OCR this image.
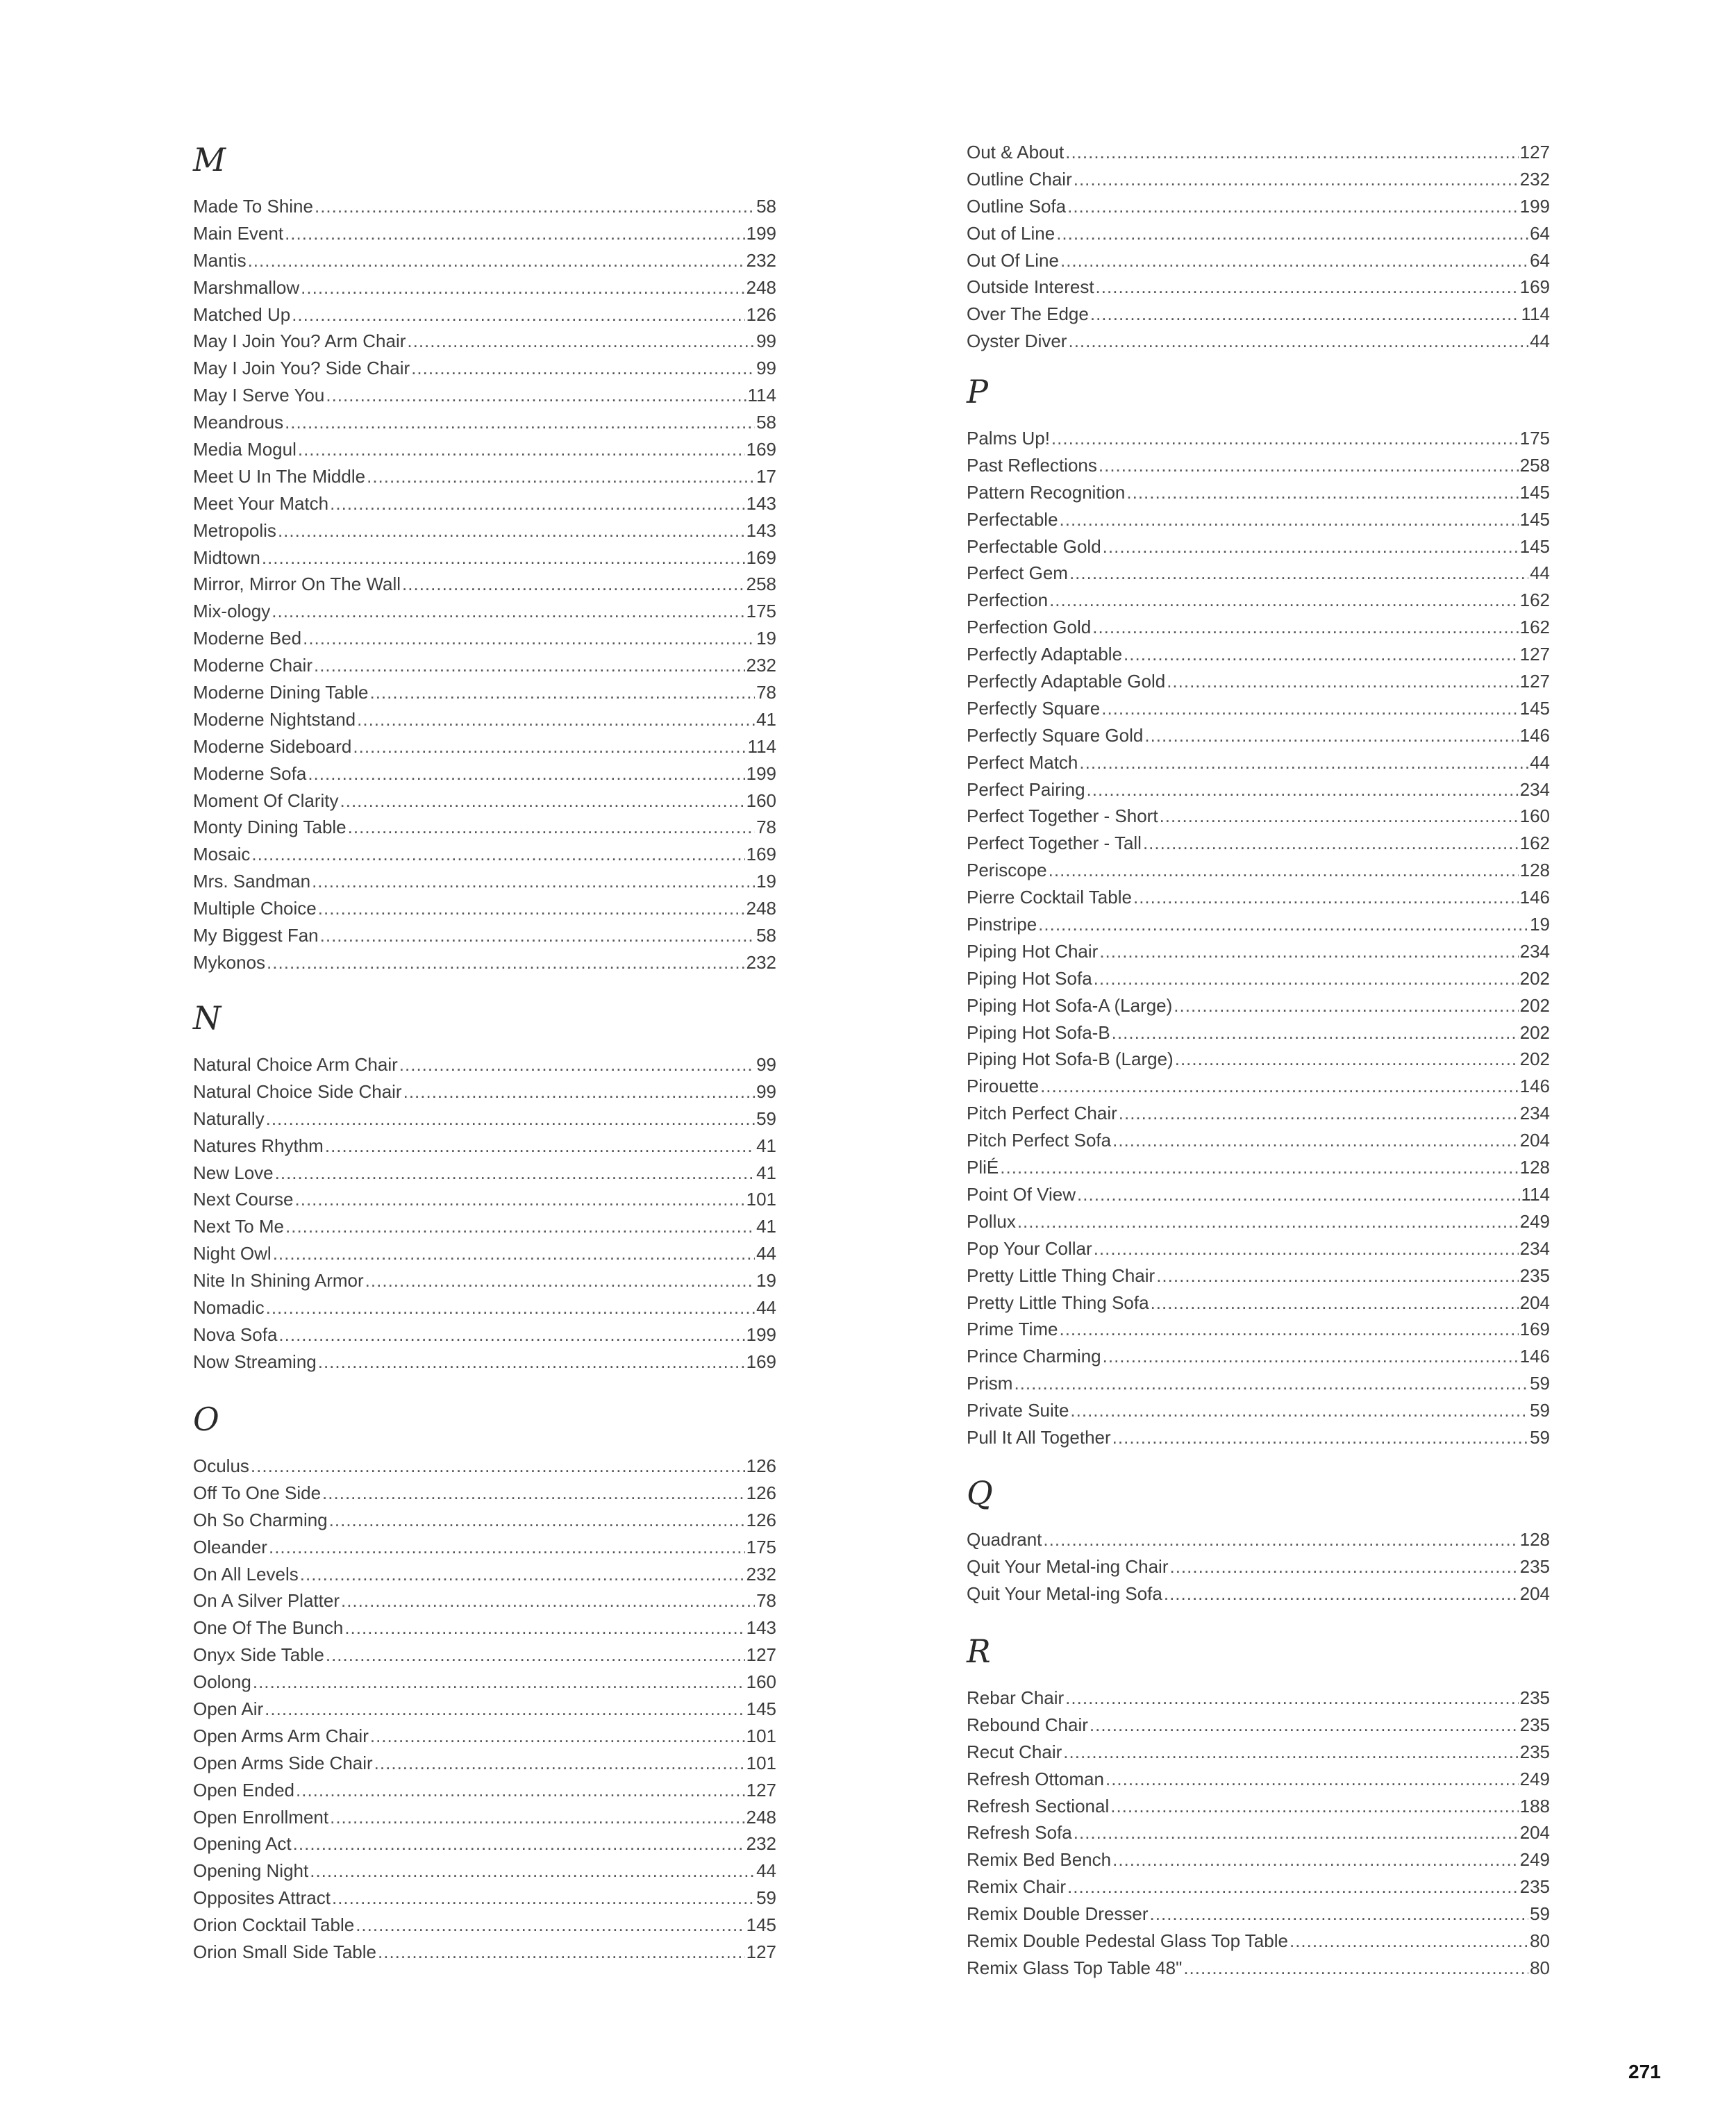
M
Made To Shine .....	58
Main Event .....	199
Mantis .....	232
Marshmallow .....	248
Matched Up .....	126
May I Join You? Arm Chair .....	99
May I Join You? Side Chair .....	99
May I Serve You .....	114
Meandrous .....	58
Media Mogul .....	169
Meet U In The Middle .....	17
Meet Your Match .....	143
Metropolis .....	143
Midtown .....	169
Mirror, Mirror On The Wall .....	258
Mix-ology .....	175
Moderne Bed .....	19
Moderne Chair .....	232
Moderne Dining Table .....	78
Moderne Nightstand .....	41
Moderne Sideboard .....	114
Moderne Sofa .....	199
Moment Of Clarity .....	160
Monty Dining Table .....	78
Mosaic .....	169
Mrs. Sandman .....	19
Multiple Choice .....	248
My Biggest Fan .....	58
Mykonos .....	232
N
Natural Choice Arm Chair .....	99
Natural Choice Side Chair .....	99
Naturally .....	59
Natures Rhythm .....	41
New Love .....	41
Next Course .....	101
Next To Me .....	41
Night Owl .....	44
Nite In Shining Armor .....	19
Nomadic .....	44
Nova Sofa .....	199
Now Streaming .....	169
O
Oculus .....	126
Off To One Side .....	126
Oh So Charming .....	126
Oleander .....	175
On All Levels .....	232
On A Silver Platter .....	78
One Of The Bunch .....	143
Onyx Side Table .....	127
Oolong .....	160
Open Air .....	145
Open Arms Arm Chair .....	101
Open Arms Side Chair .....	101
Open Ended .....	127
Open Enrollment .....	248
Opening Act .....	232
Opening Night .....	44
Opposites Attract .....	59
Orion Cocktail Table .....	145
Orion Small Side Table .....	127
Out & About .....	127
Outline Chair .....	232
Outline Sofa .....	199
Out of Line .....	64
Out Of Line .....	64
Outside Interest .....	169
Over The Edge .....	114
Oyster Diver .....	44
P
Palms Up! .....	175
Past Reflections .....	258
Pattern Recognition .....	145
Perfectable .....	145
Perfectable Gold .....	145
Perfect Gem .....	44
Perfection .....	162
Perfection Gold .....	162
Perfectly Adaptable .....	127
Perfectly Adaptable Gold .....	127
Perfectly Square .....	145
Perfectly Square Gold .....	146
Perfect Match .....	44
Perfect Pairing .....	234
Perfect Together - Short .....	160
Perfect Together - Tall .....	162
Periscope .....	128
Pierre Cocktail Table .....	146
Pinstripe .....	19
Piping Hot Chair .....	234
Piping Hot Sofa .....	202
Piping Hot Sofa-A (Large) .....	202
Piping Hot Sofa-B .....	202
Piping Hot Sofa-B (Large) .....	202
Pirouette .....	146
Pitch Perfect Chair .....	234
Pitch Perfect Sofa .....	204
PliÉ .....	128
Point Of View .....	114
Pollux .....	249
Pop Your Collar .....	234
Pretty Little Thing Chair .....	235
Pretty Little Thing Sofa .....	204
Prime Time .....	169
Prince Charming .....	146
Prism .....	59
Private Suite .....	59
Pull It All Together .....	59
Q
Quadrant .....	128
Quit Your Metal-ing Chair .....	235
Quit Your Metal-ing Sofa .....	204
R
Rebar Chair .....	235
Rebound Chair .....	235
Recut Chair .....	235
Refresh Ottoman .....	249
Refresh Sectional .....	188
Refresh Sofa .....	204
Remix Bed Bench .....	249
Remix Chair .....	235
Remix Double Dresser .....	59
Remix Double Pedestal Glass Top Table .....	80
Remix Glass Top Table 48" .....	80
271
